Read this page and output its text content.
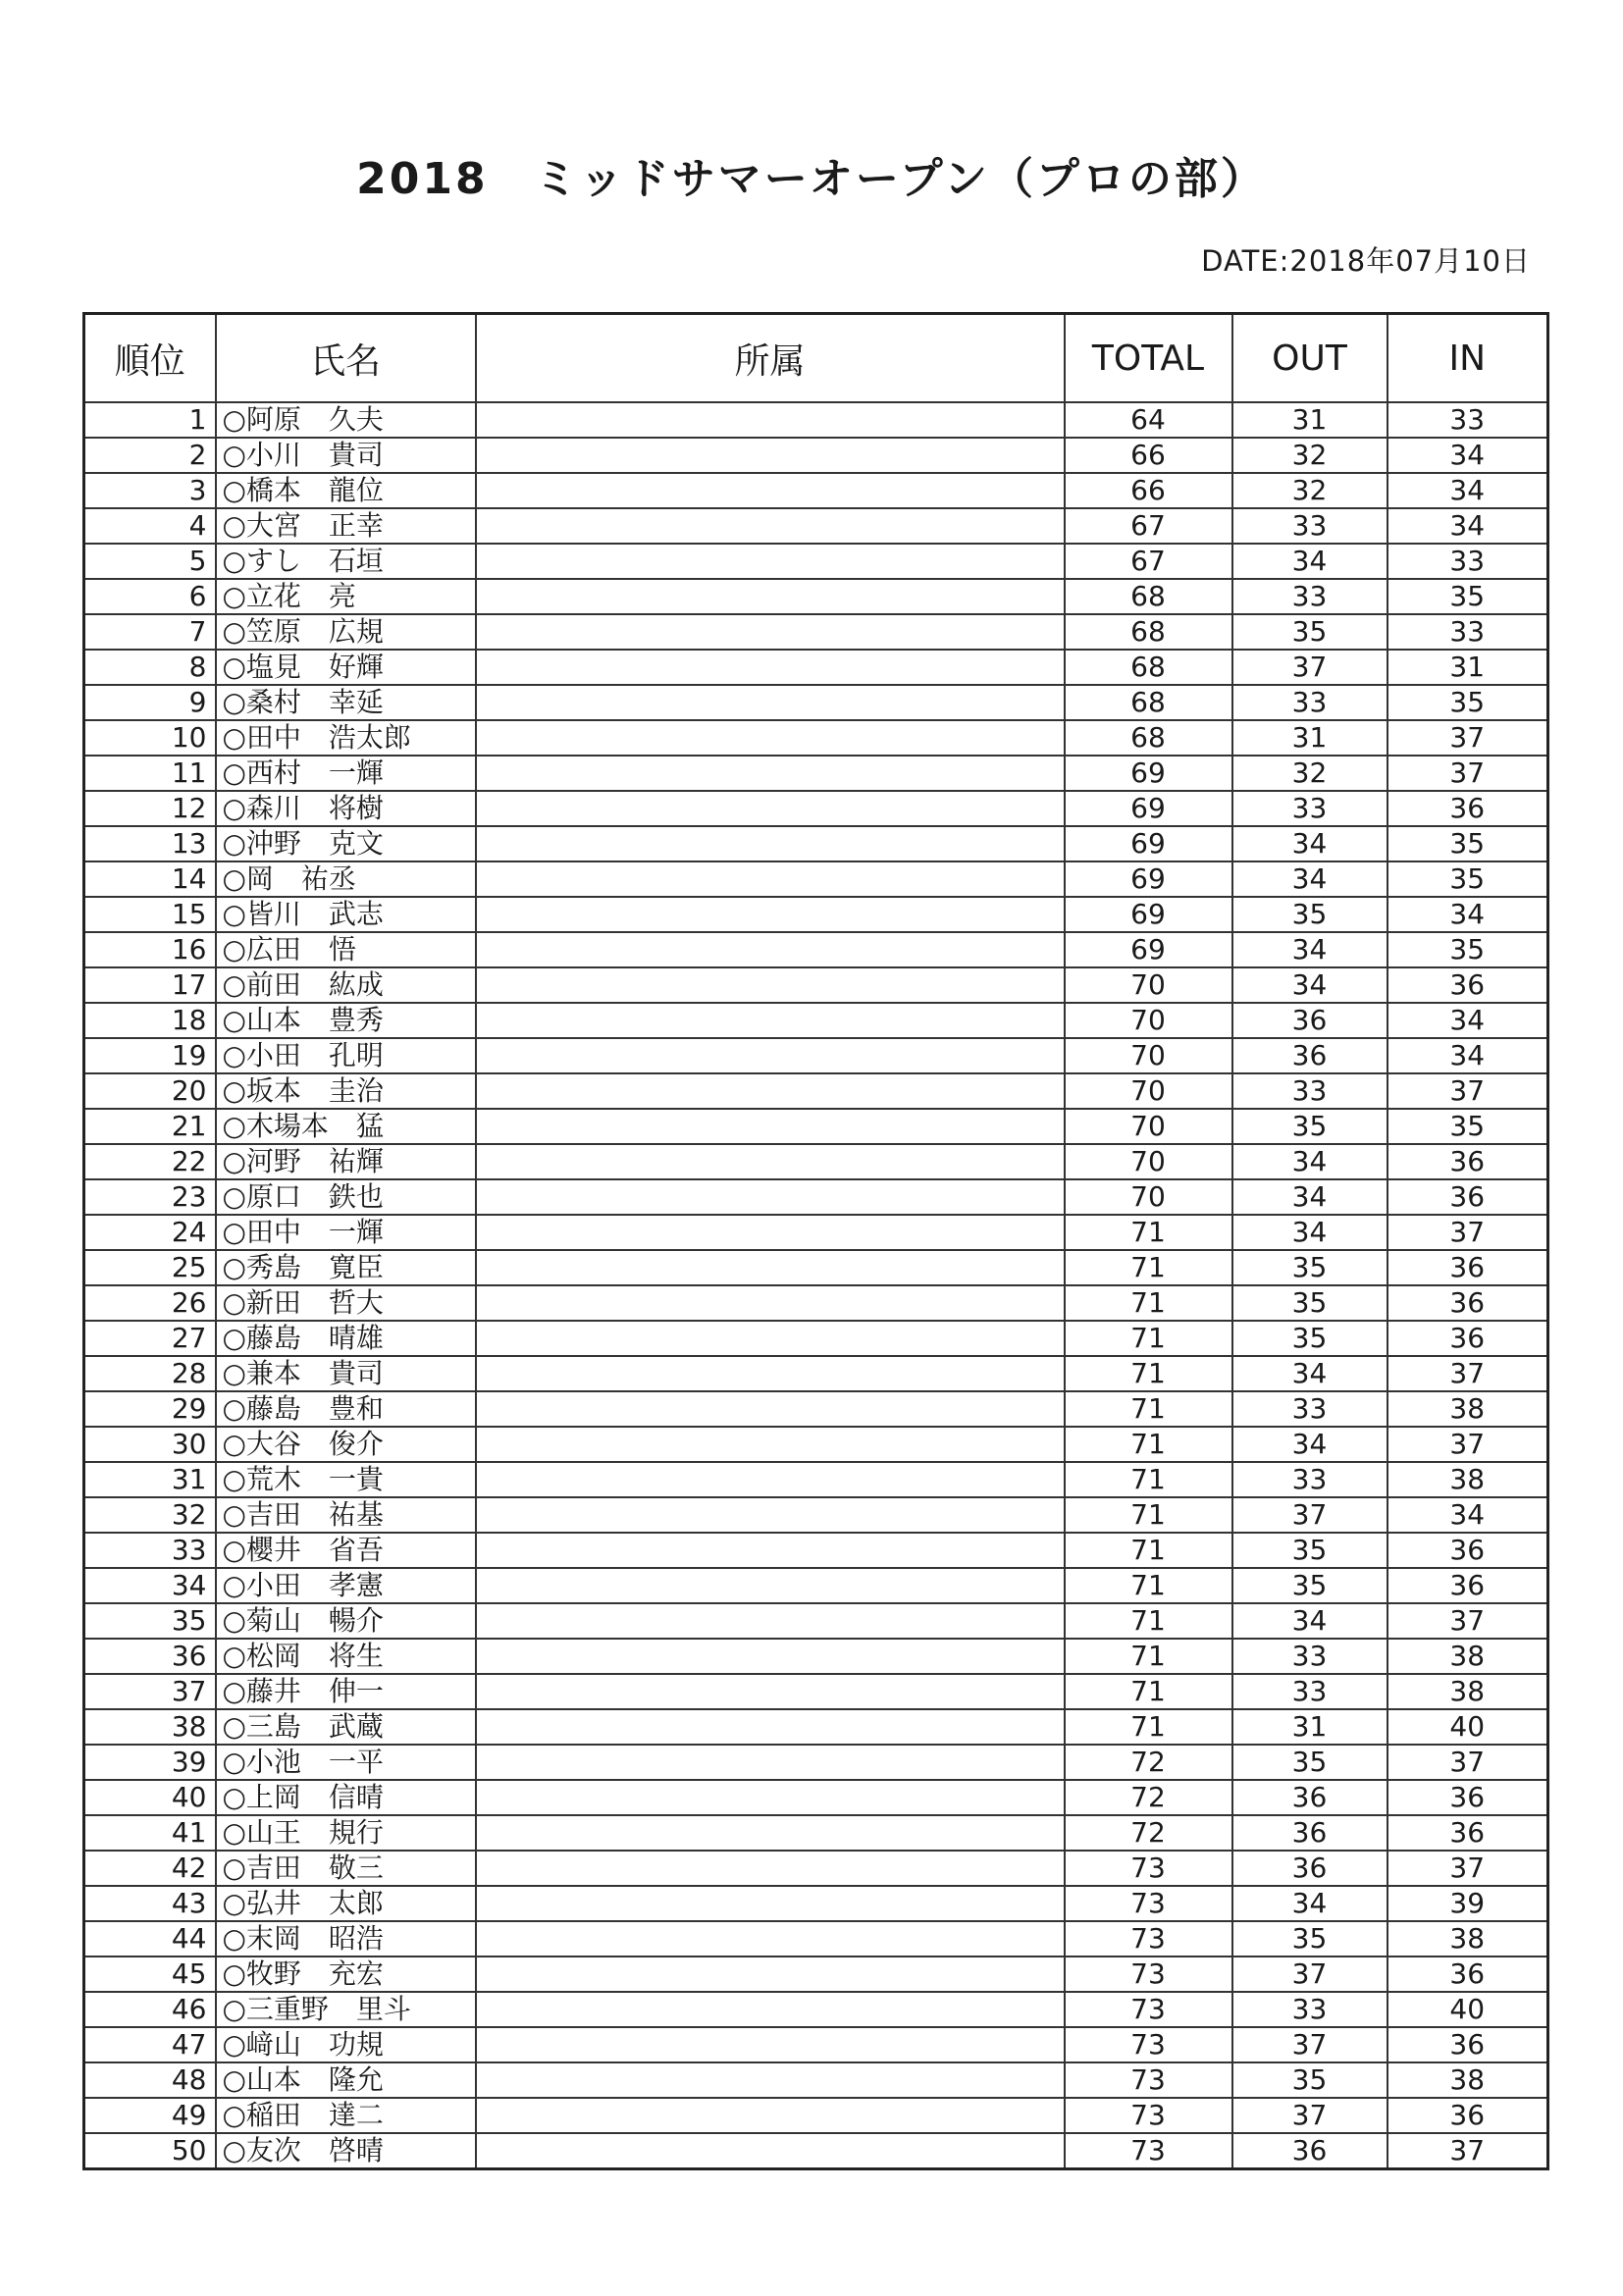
2018　ミッドサマーオープン（プロの部）
DATE:2018年07月10日
順位	氏名	所属	TOTAL	OUT	IN
1	○阿原　久夫		64	31	33
2	○小川　貴司		66	32	34
3	○橋本　龍位		66	32	34
4	○大宮　正幸		67	33	34
5	○すし　石垣		67	34	33
6	○立花　亮		68	33	35
7	○笠原　広規		68	35	33
8	○塩見　好輝		68	37	31
9	○桑村　幸延		68	33	35
10	○田中　浩太郎		68	31	37
11	○西村　一輝		69	32	37
12	○森川　将樹		69	33	36
13	○沖野　克文		69	34	35
14	○岡　祐丞		69	34	35
15	○皆川　武志		69	35	34
16	○広田　悟		69	34	35
17	○前田　紘成		70	34	36
18	○山本　豊秀		70	36	34
19	○小田　孔明		70	36	34
20	○坂本　圭治		70	33	37
21	○木場本　猛		70	35	35
22	○河野　祐輝		70	34	36
23	○原口　鉄也		70	34	36
24	○田中　一輝		71	34	37
25	○秀島　寛臣		71	35	36
26	○新田　哲大		71	35	36
27	○藤島　晴雄		71	35	36
28	○兼本　貴司		71	34	37
29	○藤島　豊和		71	33	38
30	○大谷　俊介		71	34	37
31	○荒木　一貴		71	33	38
32	○吉田　祐基		71	37	34
33	○櫻井　省吾		71	35	36
34	○小田　孝憲		71	35	36
35	○菊山　暢介		71	34	37
36	○松岡　将生		71	33	38
37	○藤井　伸一		71	33	38
38	○三島　武蔵		71	31	40
39	○小池　一平		72	35	37
40	○上岡　信晴		72	36	36
41	○山王　規行		72	36	36
42	○吉田　敬三		73	36	37
43	○弘井　太郎		73	34	39
44	○末岡　昭浩		73	35	38
45	○牧野　充宏		73	37	36
46	○三重野　里斗		73	33	40
47	○﨑山　功規		73	37	36
48	○山本　隆允		73	35	38
49	○稲田　達二		73	37	36
50	○友次　啓晴		73	36	37
